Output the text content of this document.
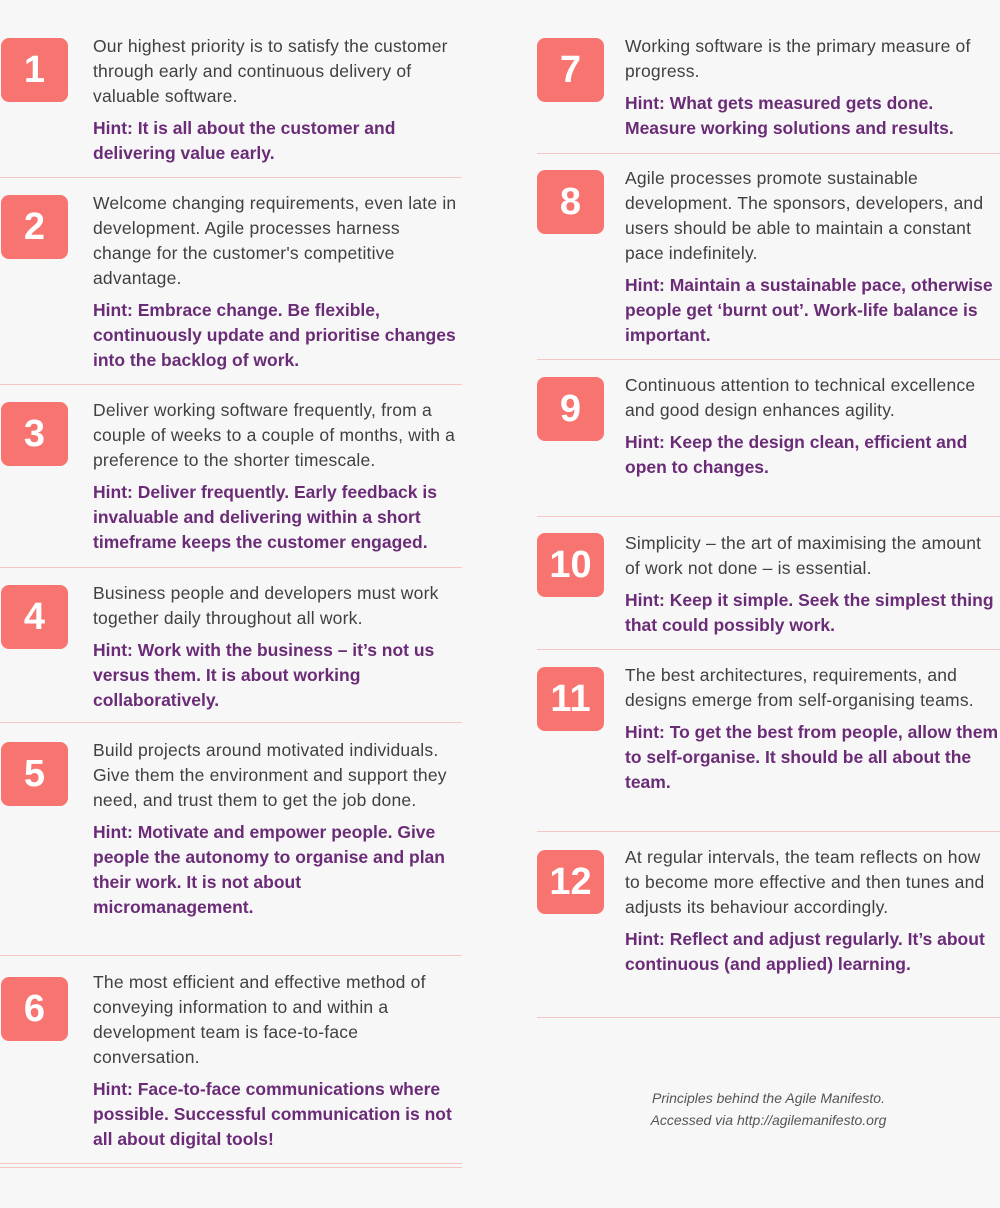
1

Our highest priority is to satisfy the customer through early and continuous delivery of valuable software.

Hint: It is all about the customer and delivering value early.

2

Welcome changing requirements, even late in development. Agile processes harness change for the customer's competitive advantage.

Hint: Embrace change. Be flexible, continuously update and prioritise changes into the backlog of work.

3

Deliver working software frequently, from a couple of weeks to a couple of months, with a preference to the shorter timescale.

Hint: Deliver frequently. Early feedback is invaluable and delivering within a short timeframe keeps the customer engaged.

4

Business people and developers must work together daily throughout all work.

Hint: Work with the business – it’s not us versus them. It is about working collaboratively.

5

Build projects around motivated individuals. Give them the environment and support they need, and trust them to get the job done.

Hint: Motivate and empower people. Give people the autonomy to organise and plan their work. It is not about micromanagement.

6

The most efficient and effective method of conveying information to and within a development team is face-to-face conversation.

Hint: Face-to-face communications where possible. Successful communication is not all about digital tools!

7

Working software is the primary measure of progress.

Hint: What gets measured gets done. Measure working solutions and results.

8

Agile processes promote sustainable development. The sponsors, developers, and users should be able to maintain a constant pace indefinitely.

Hint: Maintain a sustainable pace, otherwise people get ‘burnt out’. Work-life balance is important.

9

Continuous attention to technical excellence and good design enhances agility.

Hint: Keep the design clean, efficient and open to changes.

10

Simplicity – the art of maximising the amount of work not done – is essential.

Hint: Keep it simple. Seek the simplest thing that could possibly work.

11

The best architectures, requirements, and designs emerge from self-organising teams.

Hint: To get the best from people, allow them to self-organise. It should be all about the team.

12

At regular intervals, the team reflects on how to become more effective and then tunes and adjusts its behaviour accordingly.

Hint: Reflect and adjust regularly. It’s about continuous (and applied) learning.

Principles behind the Agile Manifesto.

Accessed via http://agilemanifesto.org
